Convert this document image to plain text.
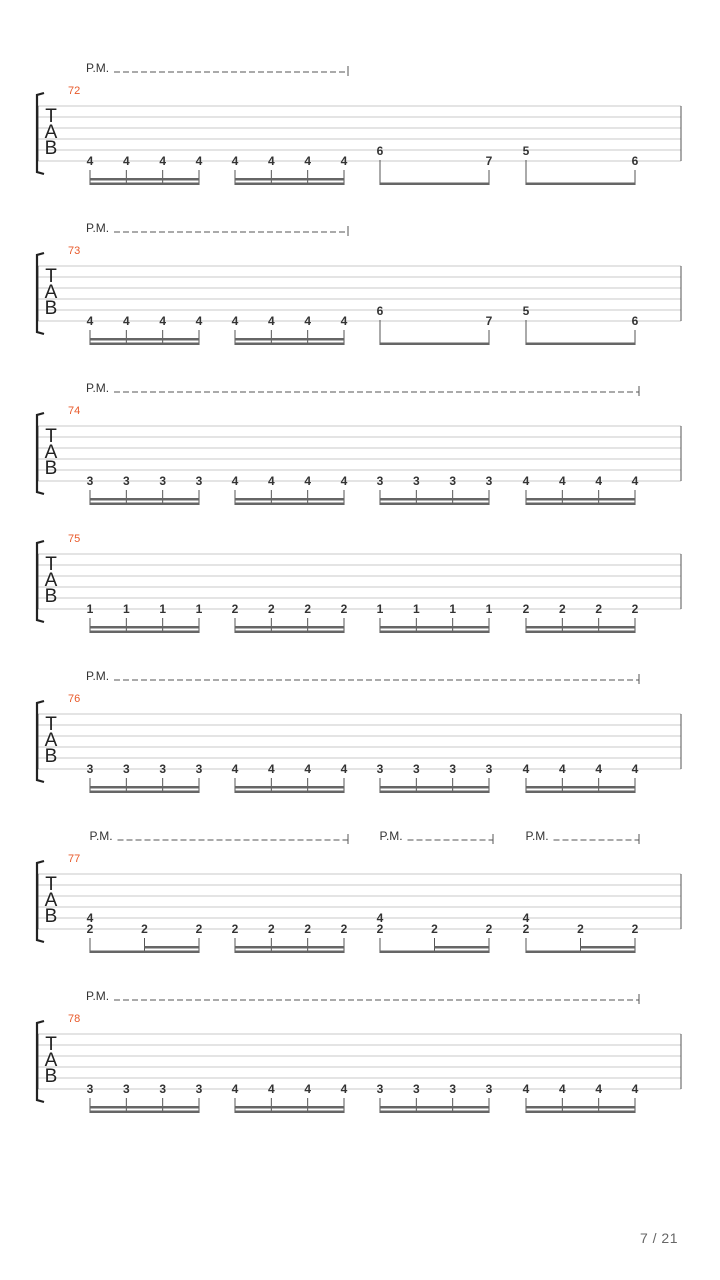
T
A
B
72
4 4 4 4 4 4 4 4
6
7
5
6
P.M.
T
A
B
73
4 4 4 4 4 4 4 4
6
7
5
6
P.M.
T
A
B
74
3 3 3 3 4 4 4 4 3 3 3 3	4 4 4 4
P.M.
T
A
B
75
1 1 1 1 2 2 2 2 1 1 1 1	2 2 2 2
T
A
B
76
3 3 3 3 4 4 4 4 3 3 3 3	4 4 4 4
P.M.
T
A
B
77
4
2	2	2 2 2 2 2
4
2	2	2
4
2	2	2
P.M.	P.M.	P.M.
T
A
B
78
3 3 3 3 4 4 4 4 3 3 3 3	4 4 4 4
P.M.
7 / 21
